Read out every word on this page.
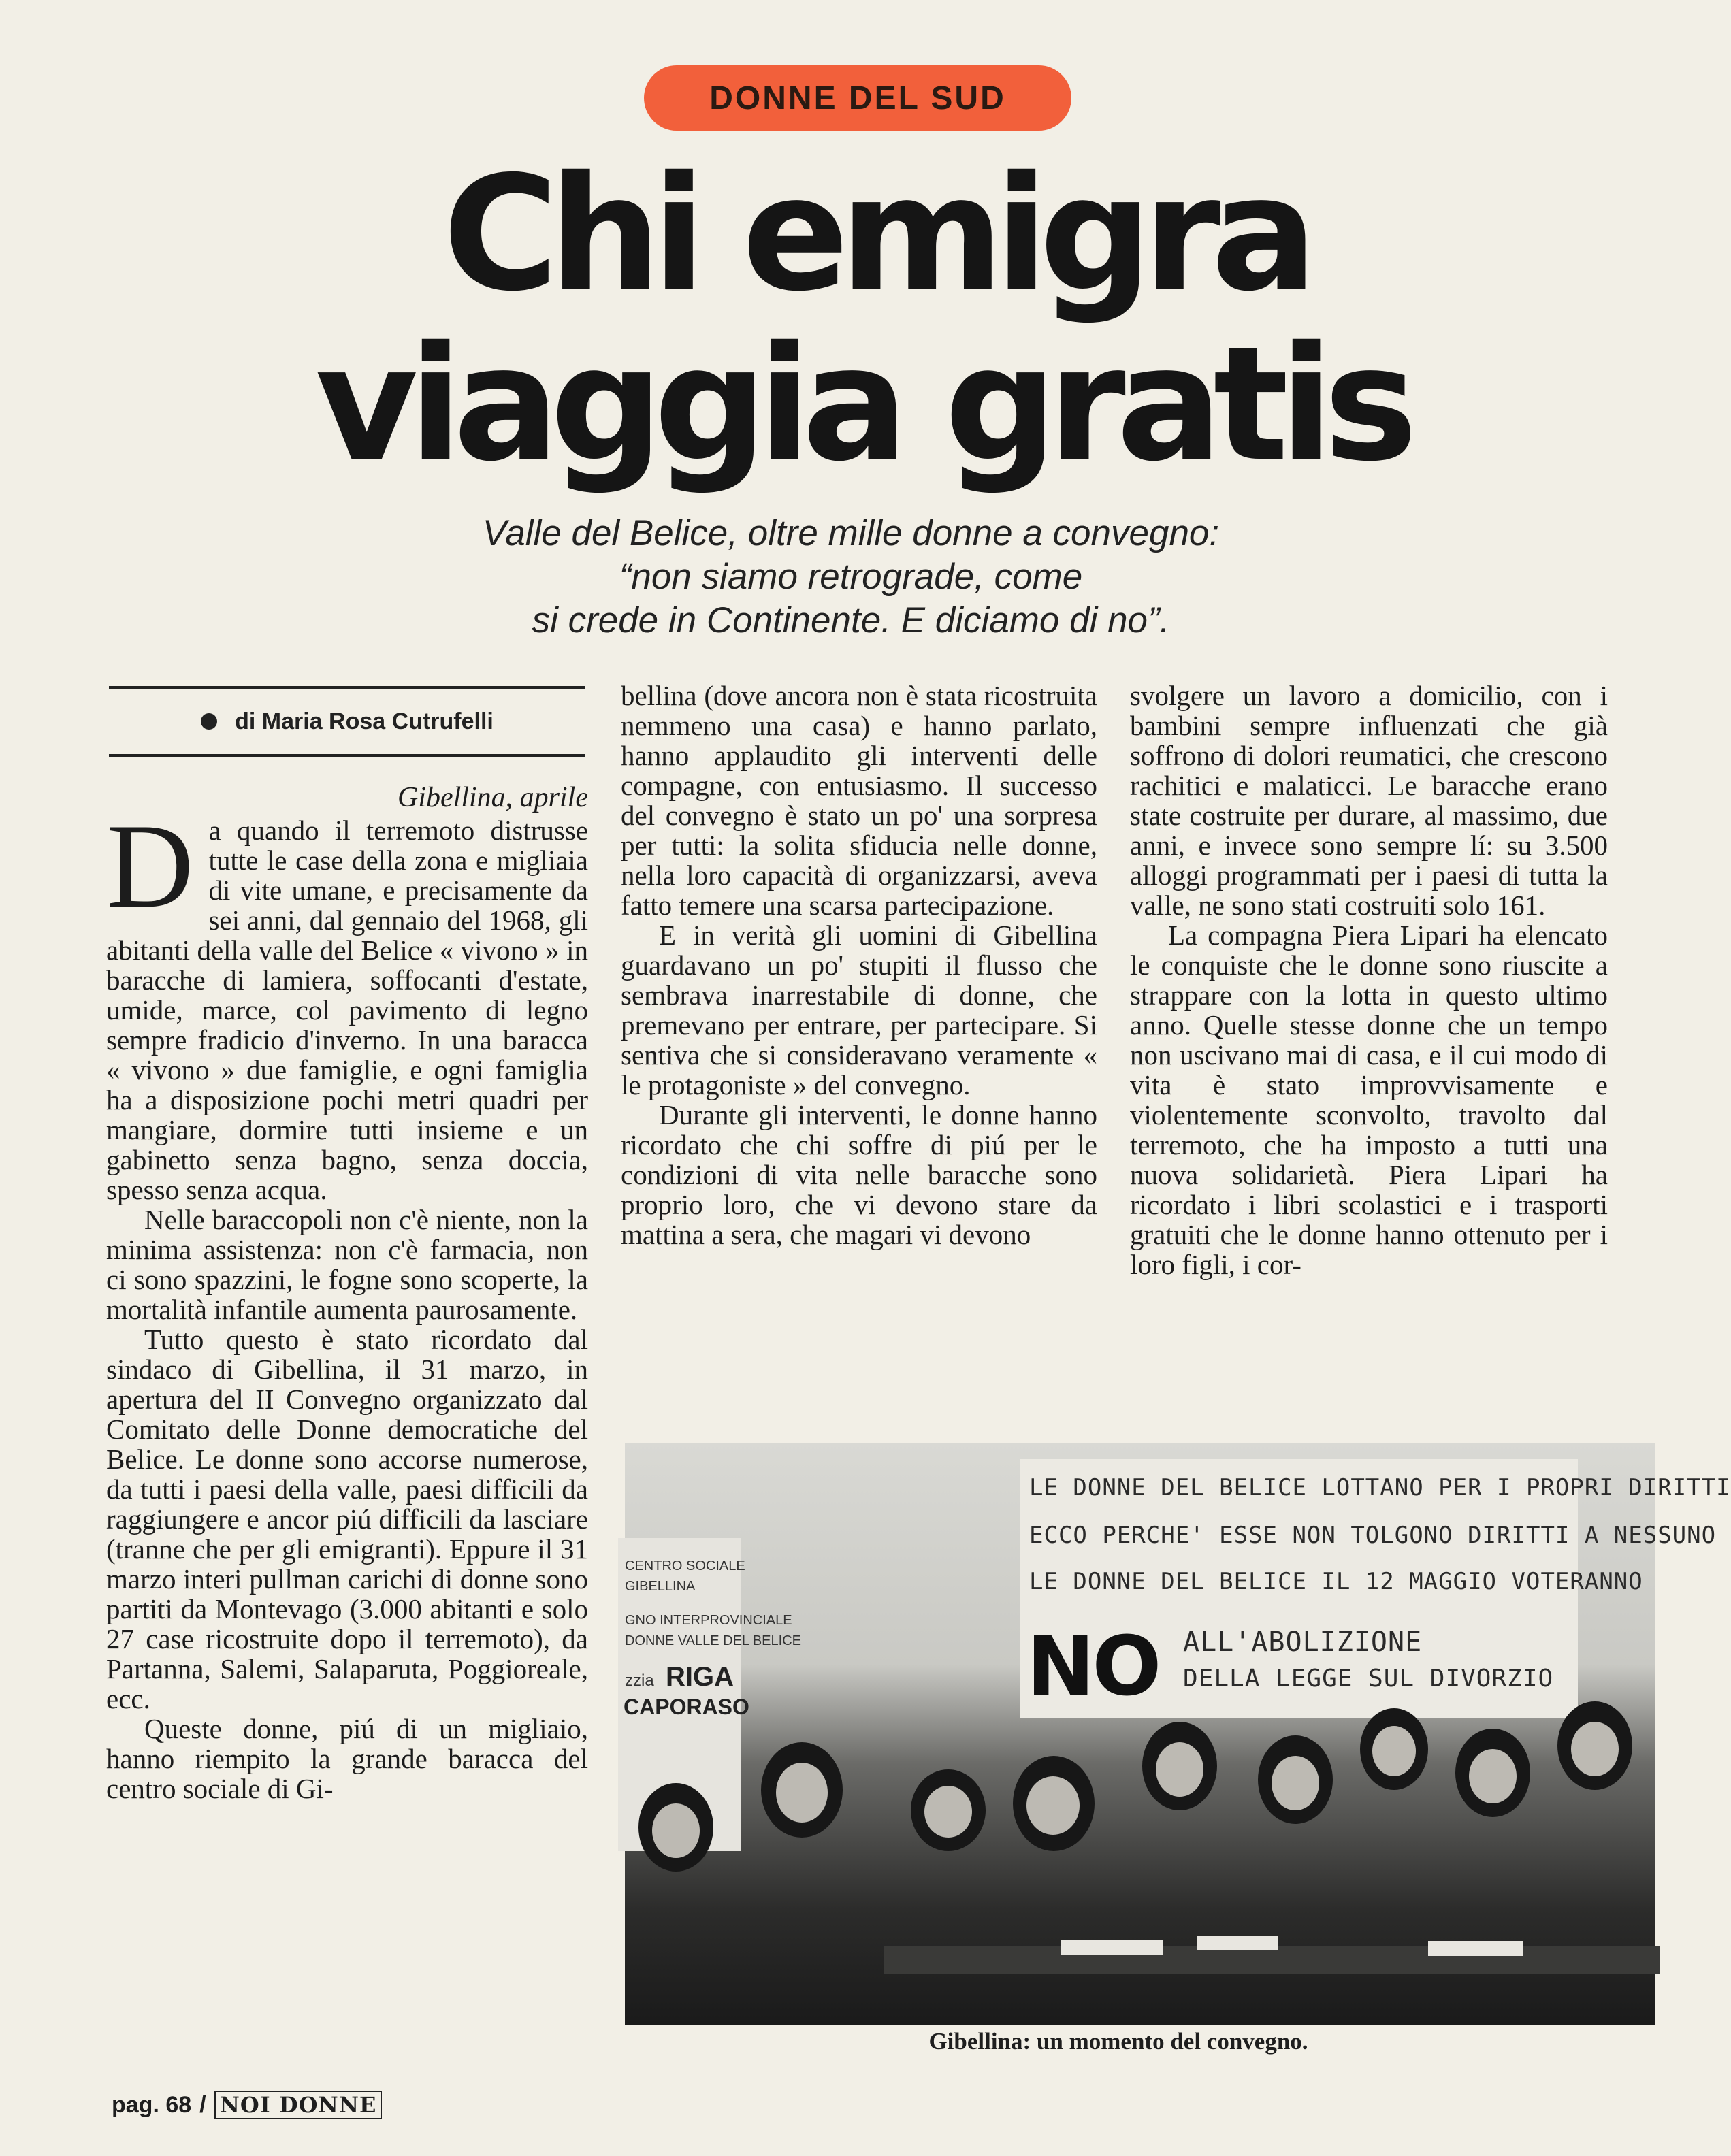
DONNE DEL SUD
Chi emigra
viaggia gratis
Valle del Belice, oltre mille donne a convegno:
“non siamo retrograde, come
si crede in Continente. E diciamo di no”.
di Maria Rosa Cutrufelli
Gibellina, aprile

D a quando il terremoto distrusse tutte le case della zona e migliaia di vite umane, e precisamente da sei anni, dal gennaio del 1968, gli abitanti della valle del Belice « vivono » in baracche di lamiera, soffocanti d'estate, umide, marce, col pavimento di legno sempre fradicio d'inverno. In una baracca « vivono » due famiglie, e ogni famiglia ha a disposizione pochi metri quadri per mangiare, dormire tutti insieme e un gabinetto senza bagno, senza doccia, spesso senza acqua.

Nelle baraccopoli non c'è niente, non la minima assistenza: non c'è farmacia, non ci sono spazzini, le fogne sono scoperte, la mortalità infantile aumenta paurosamente.

Tutto questo è stato ricordato dal sindaco di Gibellina, il 31 marzo, in apertura del II Convegno organizzato dal Comitato delle Donne democratiche del Belice. Le donne sono accorse numerose, da tutti i paesi della valle, paesi difficili da raggiungere e ancor piú difficili da lasciare (tranne che per gli emigranti). Eppure il 31 marzo interi pullman carichi di donne sono partiti da Montevago (3.000 abitanti e solo 27 case ricostruite dopo il terremoto), da Partanna, Salemi, Salaparuta, Poggioreale, ecc.

Queste donne, piú di un migliaio, hanno riempito la grande baracca del centro sociale di Gi-

bellina (dove ancora non è stata ricostruita nemmeno una casa) e hanno parlato, hanno applaudito gli interventi delle compagne, con entusiasmo. Il successo del convegno è stato un po' una sorpresa per tutti: la solita sfiducia nelle donne, nella loro capacità di organizzarsi, aveva fatto temere una scarsa partecipazione.

E in verità gli uomini di Gibellina guardavano un po' stupiti il flusso che sembrava inarrestabile di donne, che premevano per entrare, per partecipare. Si sentiva che si consideravano veramente « le protagoniste » del convegno.

Durante gli interventi, le donne hanno ricordato che chi soffre di piú per le condizioni di vita nelle baracche sono proprio loro, che vi devono stare da mattina a sera, che magari vi devono

svolgere un lavoro a domicilio, con i bambini sempre influenzati che già soffrono di dolori reumatici, che crescono rachitici e malaticci. Le baracche erano state costruite per durare, al massimo, due anni, e invece sono sempre lí: su 3.500 alloggi programmati per i paesi di tutta la valle, ne sono stati costruiti solo 161.

La compagna Piera Lipari ha elencato le conquiste che le donne sono riuscite a strappare con la lotta in questo ultimo anno. Quelle stesse donne che un tempo non uscivano mai di casa, e il cui modo di vita è stato improvvisamente e violentemente sconvolto, travolto dal terremoto, che ha imposto a tutti una nuova solidarietà. Piera Lipari ha ricordato i libri scolastici e i trasporti gratuiti che le donne hanno ottenuto per i loro figli, i cor-

CENTRO SOCIALE
GIBELLINA
GNO INTERPROVINCIALE
DONNE VALLE DEL BELICE
zzia RIGA
CAPORASO
LE DONNE DEL BELICE LOTTANO PER I PROPRI DIRITTI
ECCO PERCHE' ESSE NON TOLGONO DIRITTI A NESSUNO
LE DONNE DEL BELICE IL 12 MAGGIO VOTERANNO
NO ALL'ABOLIZIONE
DELLA LEGGE SUL DIVORZIO
Gibellina: un momento del convegno.
pag. 68 / NOI DONNE
